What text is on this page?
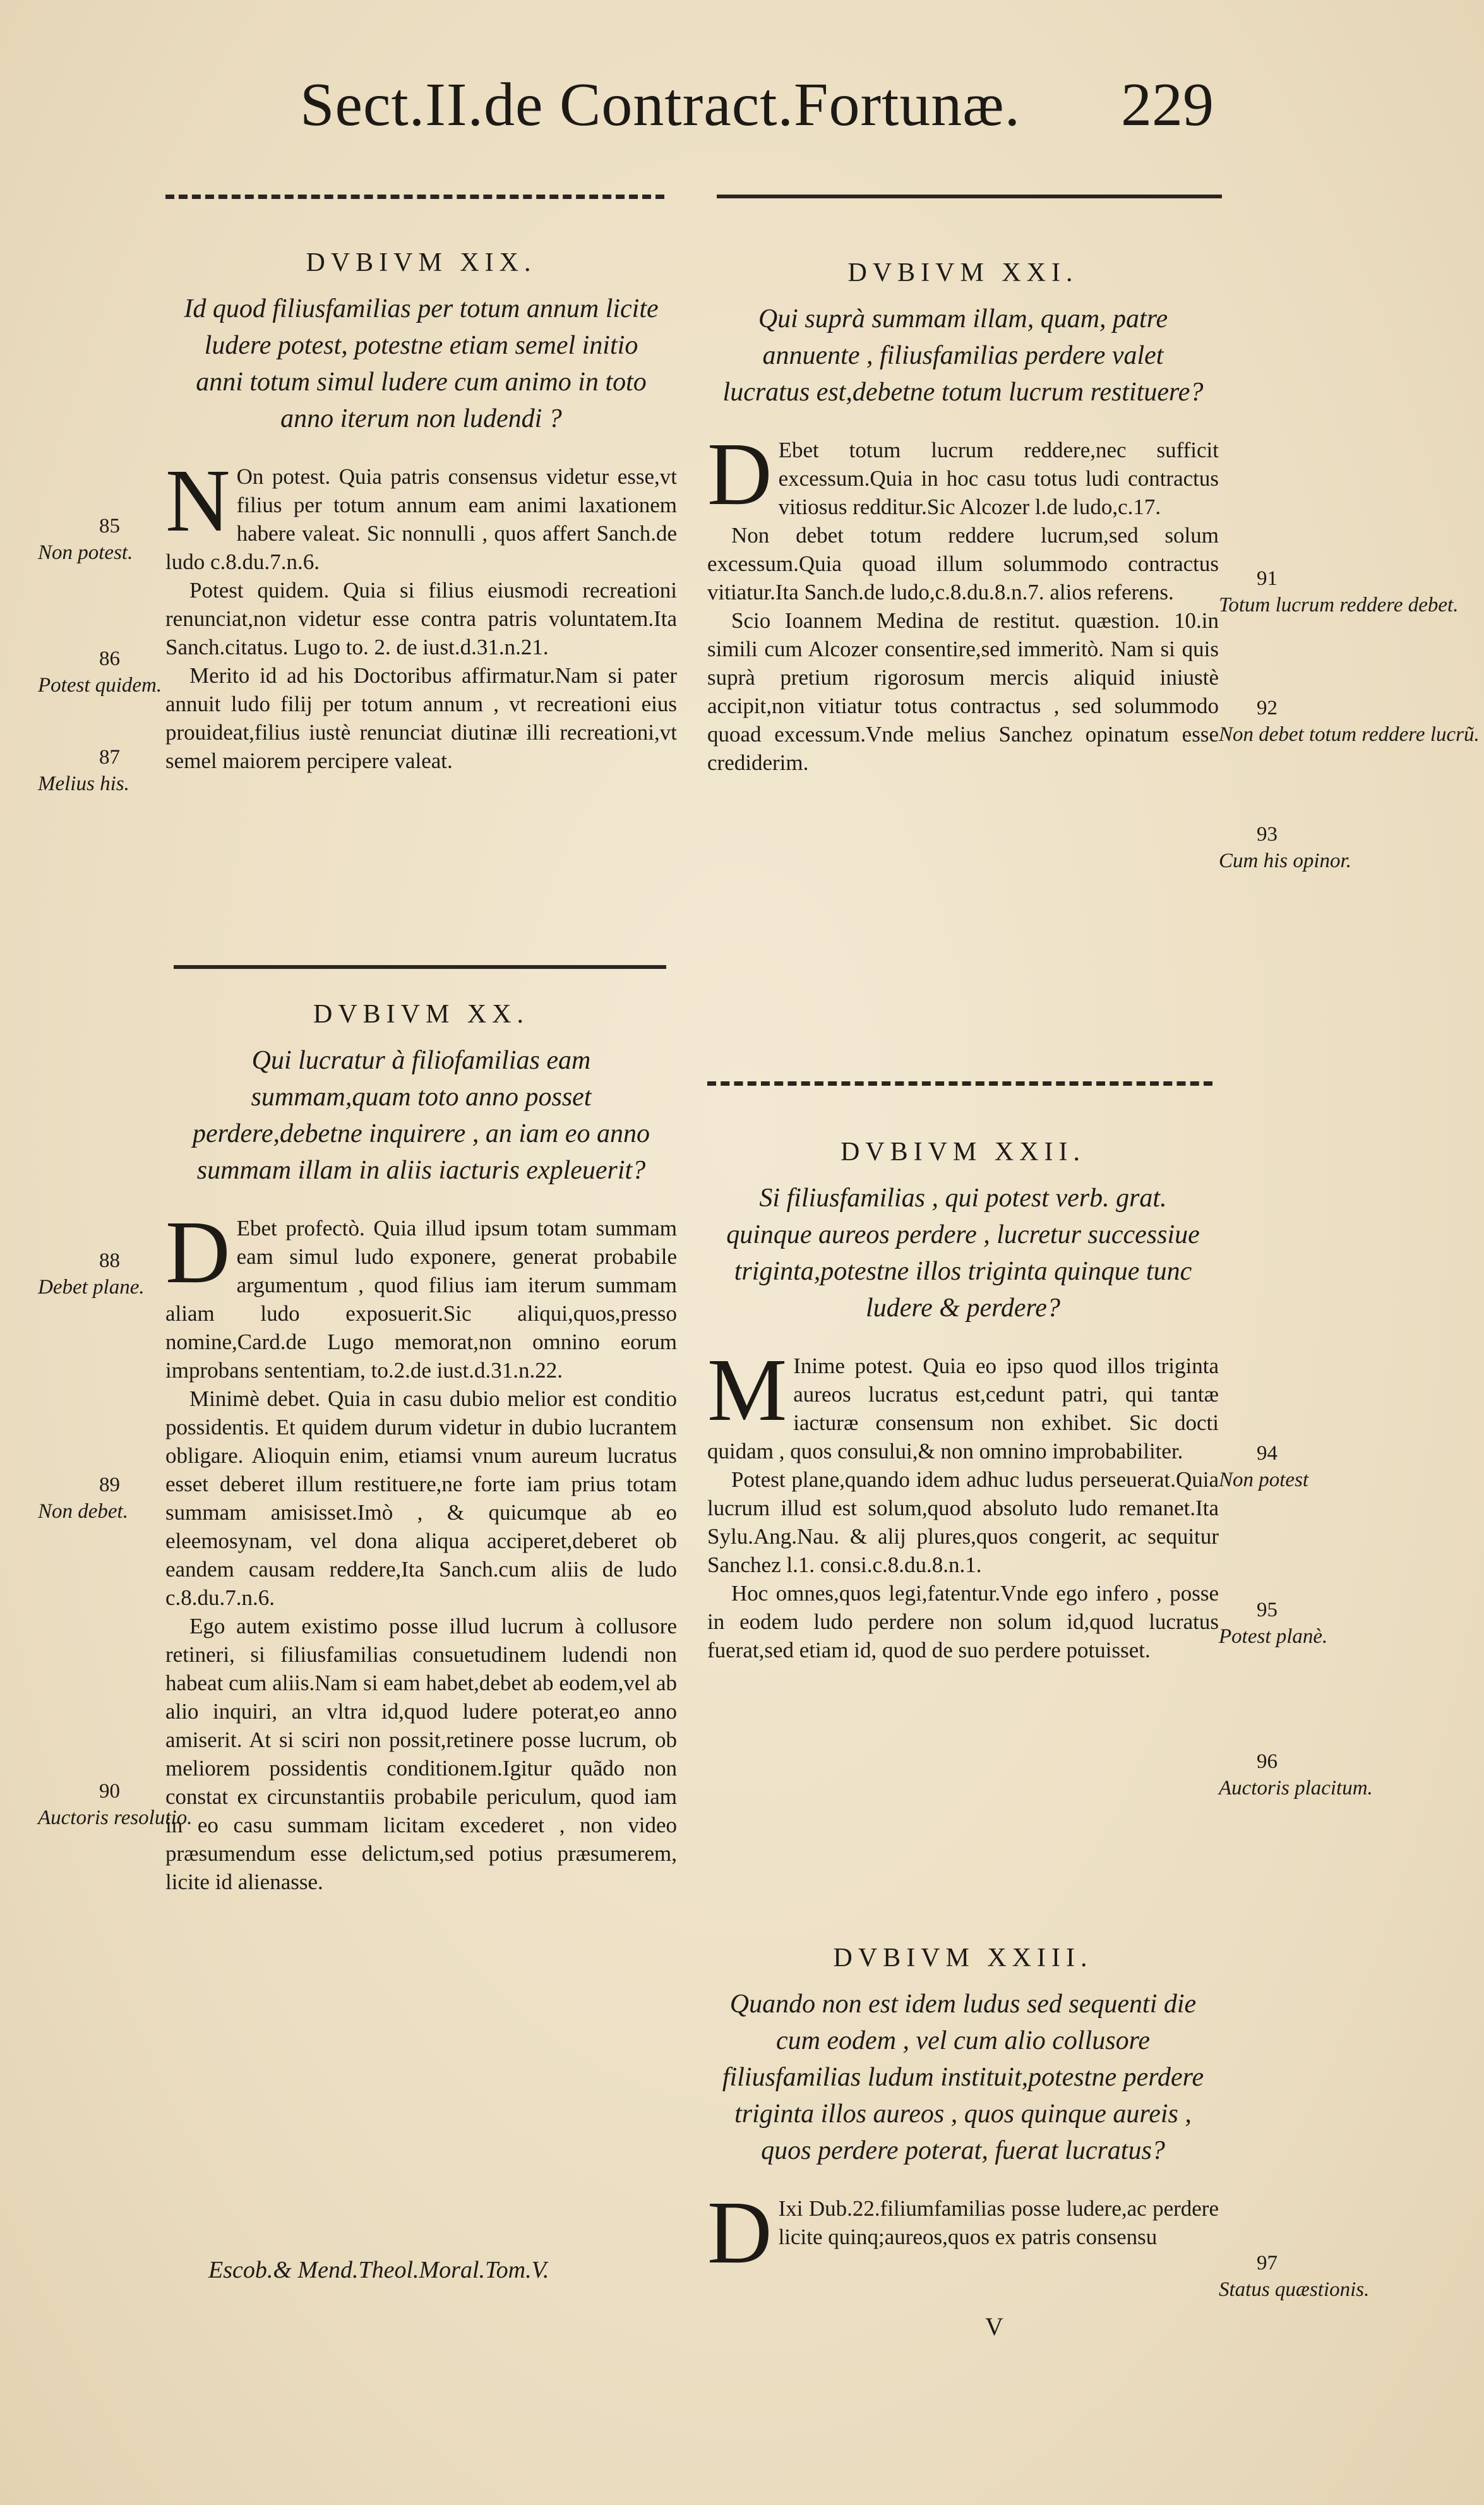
Sect.II.de Contract.Fortunæ. 229
DVBIVM XIX.
Id quod filiusfamilias per totum annum licite ludere potest, potestne etiam semel initio anni totum simul ludere cum animo in toto anno iterum non ludendi ?

N On potest. Quia patris consensus videtur esse,vt filius per totum annum eam animi laxationem habere valeat. Sic nonnulli , quos affert Sanch.de ludo c.8.du.7.n.6.

Potest quidem. Quia si filius eiusmodi recreationi renunciat,non videtur esse contra patris voluntatem.Ita Sanch.citatus. Lugo to. 2. de iust.d.31.n.21.

Merito id ad his Doctoribus affirmatur.Nam si pater annuit ludo filij per totum annum , vt recreationi eius prouideat,filius iustè renunciat diutinæ illi recreationi,vt semel maiorem percipere valeat.

DVBIVM XX.
Qui lucratur à filiofamilias eam summam,quam toto anno posset perdere,debetne inquirere , an iam eo anno summam illam in aliis iacturis expleuerit?

D Ebet profectò. Quia illud ipsum totam summam eam simul ludo exponere, generat probabile argumentum , quod filius iam iterum summam aliam ludo exposuerit.Sic aliqui,quos,presso nomine,Card.de Lugo memorat,non omnino eorum improbans sententiam, to.2.de iust.d.31.n.22.

Minimè debet. Quia in casu dubio melior est conditio possidentis. Et quidem durum videtur in dubio lucrantem obligare. Alioquin enim, etiamsi vnum aureum lucratus esset deberet illum restituere,ne forte iam prius totam summam amisisset.Imò , & quicumque ab eo eleemosynam, vel dona aliqua acciperet,deberet ob eandem causam reddere,Ita Sanch.cum aliis de ludo c.8.du.7.n.6.

Ego autem existimo posse illud lucrum à collusore retineri, si filiusfamilias consuetudinem ludendi non habeat cum aliis.Nam si eam habet,debet ab eodem,vel ab alio inquiri, an vltra id,quod ludere poterat,eo anno amiserit. At si sciri non possit,retinere posse lucrum, ob meliorem possidentis conditionem.Igitur quãdo non constat ex circunstantiis probabile periculum, quod iam in eo casu summam licitam excederet , non video præsumendum esse delictum,sed potius præsumerem, licite id alienasse.

DVBIVM XXI.
Qui suprà summam illam, quam, patre annuente , filiusfamilias perdere valet lucratus est,debetne totum lucrum restituere?

D Ebet totum lucrum reddere,nec sufficit excessum.Quia in hoc casu totus ludi contractus vitiosus redditur.Sic Alcozer l.de ludo,c.17.

Non debet totum reddere lucrum,sed solum excessum.Quia quoad illum solummodo contractus vitiatur.Ita Sanch.de ludo,c.8.du.8.n.7. alios referens.

Scio Ioannem Medina de restitut. quæstion. 10.in simili cum Alcozer consentire,sed immeritò. Nam si quis suprà pretium rigorosum mercis aliquid iniustè accipit,non vitiatur totus contractus , sed solummodo quoad excessum.Vnde melius Sanchez opinatum esse crediderim.

DVBIVM XXII.
Si filiusfamilias , qui potest verb. grat. quinque aureos perdere , lucretur successiue triginta,potestne illos triginta quinque tunc ludere & perdere?

M Inime potest. Quia eo ipso quod illos triginta aureos lucratus est,cedunt patri, qui tantæ iacturæ consensum non exhibet. Sic docti quidam , quos consului,& non omnino improbabiliter.

Potest plane,quando idem adhuc ludus perseuerat.Quia lucrum illud est solum,quod absoluto ludo remanet.Ita Sylu.Ang.Nau. & alij plures,quos congerit, ac sequitur Sanchez l.1. consi.c.8.du.8.n.1.

Hoc omnes,quos legi,fatentur.Vnde ego infero , posse in eodem ludo perdere non solum id,quod lucratus fuerat,sed etiam id, quod de suo perdere potuisset.

DVBIVM XXIII.
Quando non est idem ludus sed sequenti die cum eodem , vel cum alio collusore filiusfamilias ludum instituit,potestne perdere triginta illos aureos , quos quinque aureis , quos perdere poterat, fuerat lucratus?

D Ixi Dub.22.filiumfamilias posse ludere,ac perdere licite quinq;aureos,quos ex patris consensu

85
Non potest.
86
Potest quidem.
87
Melius his.
88
Debet plane.
89
Non debet.
90
Auctoris resolutio.
91
Totum lucrum reddere debet.
92
Non debet totum reddere lucrũ.
93
Cum his opinor.
94
Non potest
95
Potest planè.
96
Auctoris placitum.
97
Status quæstionis.
Escob.& Mend.Theol.Moral.Tom.V.
V
